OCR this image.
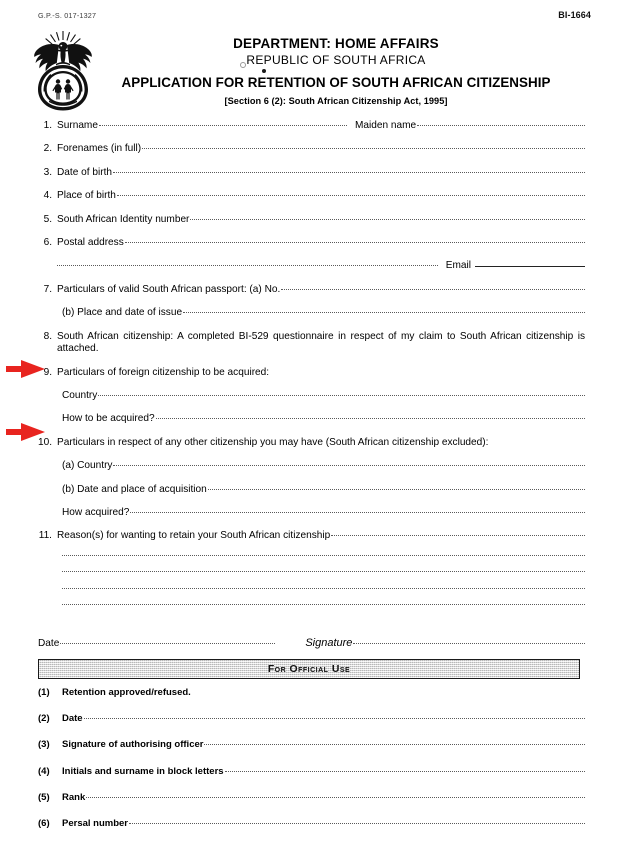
G.P.-S. 017-1327	BI-1664
DEPARTMENT: HOME AFFAIRS
REPUBLIC OF SOUTH AFRICA
APPLICATION FOR RETENTION OF SOUTH AFRICAN CITIZENSHIP
[Section 6 (2): South African Citizenship Act, 1995]
1. Surname	Maiden name
2. Forenames (in full)
3. Date of birth
4. Place of birth
5. South African Identity number
6. Postal address
Email
7. Particulars of valid South African passport: (a) No.
(b) Place and date of issue
8. South African citizenship: A completed BI-529 questionnaire in respect of my claim to South African citizenship is attached.
9. Particulars of foreign citizenship to be acquired:
Country
How to be acquired?
10. Particulars in respect of any other citizenship you may have (South African citizenship excluded):
(a) Country
(b) Date and place of acquisition
How acquired?
11. Reason(s) for wanting to retain your South African citizenship
Date	Signature
For Official Use
(1)	Retention approved/refused.
(2)	Date
(3)	Signature of authorising officer
(4)	Initials and surname in block letters
(5)	Rank
(6)	Persal number
